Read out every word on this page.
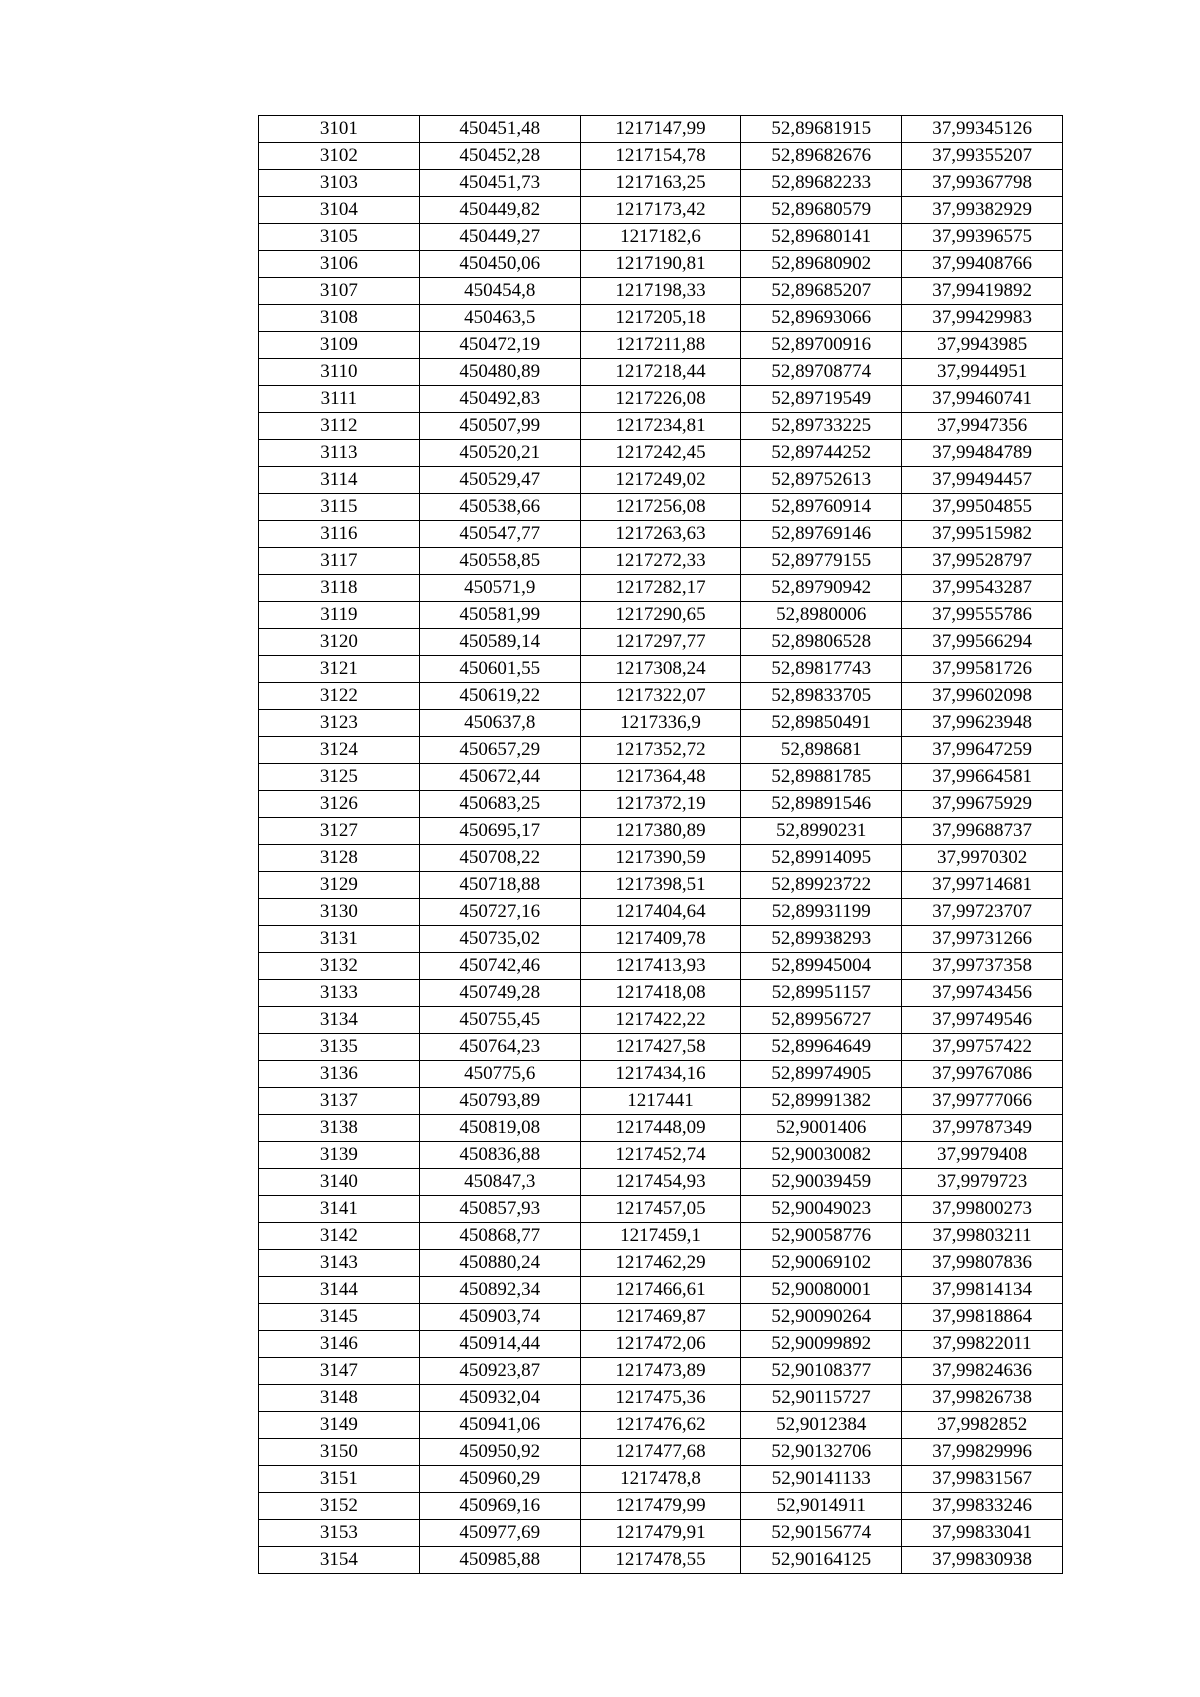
3101	450451,48	1217147,99	52,89681915	37,99345126
3102	450452,28	1217154,78	52,89682676	37,99355207
3103	450451,73	1217163,25	52,89682233	37,99367798
3104	450449,82	1217173,42	52,89680579	37,99382929
3105	450449,27	1217182,6	52,89680141	37,99396575
3106	450450,06	1217190,81	52,89680902	37,99408766
3107	450454,8	1217198,33	52,89685207	37,99419892
3108	450463,5	1217205,18	52,89693066	37,99429983
3109	450472,19	1217211,88	52,89700916	37,9943985
3110	450480,89	1217218,44	52,89708774	37,9944951
3111	450492,83	1217226,08	52,89719549	37,99460741
3112	450507,99	1217234,81	52,89733225	37,9947356
3113	450520,21	1217242,45	52,89744252	37,99484789
3114	450529,47	1217249,02	52,89752613	37,99494457
3115	450538,66	1217256,08	52,89760914	37,99504855
3116	450547,77	1217263,63	52,89769146	37,99515982
3117	450558,85	1217272,33	52,89779155	37,99528797
3118	450571,9	1217282,17	52,89790942	37,99543287
3119	450581,99	1217290,65	52,8980006	37,99555786
3120	450589,14	1217297,77	52,89806528	37,99566294
3121	450601,55	1217308,24	52,89817743	37,99581726
3122	450619,22	1217322,07	52,89833705	37,99602098
3123	450637,8	1217336,9	52,89850491	37,99623948
3124	450657,29	1217352,72	52,898681	37,99647259
3125	450672,44	1217364,48	52,89881785	37,99664581
3126	450683,25	1217372,19	52,89891546	37,99675929
3127	450695,17	1217380,89	52,8990231	37,99688737
3128	450708,22	1217390,59	52,89914095	37,9970302
3129	450718,88	1217398,51	52,89923722	37,99714681
3130	450727,16	1217404,64	52,89931199	37,99723707
3131	450735,02	1217409,78	52,89938293	37,99731266
3132	450742,46	1217413,93	52,89945004	37,99737358
3133	450749,28	1217418,08	52,89951157	37,99743456
3134	450755,45	1217422,22	52,89956727	37,99749546
3135	450764,23	1217427,58	52,89964649	37,99757422
3136	450775,6	1217434,16	52,89974905	37,99767086
3137	450793,89	1217441	52,89991382	37,99777066
3138	450819,08	1217448,09	52,9001406	37,99787349
3139	450836,88	1217452,74	52,90030082	37,9979408
3140	450847,3	1217454,93	52,90039459	37,9979723
3141	450857,93	1217457,05	52,90049023	37,99800273
3142	450868,77	1217459,1	52,90058776	37,99803211
3143	450880,24	1217462,29	52,90069102	37,99807836
3144	450892,34	1217466,61	52,90080001	37,99814134
3145	450903,74	1217469,87	52,90090264	37,99818864
3146	450914,44	1217472,06	52,90099892	37,99822011
3147	450923,87	1217473,89	52,90108377	37,99824636
3148	450932,04	1217475,36	52,90115727	37,99826738
3149	450941,06	1217476,62	52,9012384	37,9982852
3150	450950,92	1217477,68	52,90132706	37,99829996
3151	450960,29	1217478,8	52,90141133	37,99831567
3152	450969,16	1217479,99	52,9014911	37,99833246
3153	450977,69	1217479,91	52,90156774	37,99833041
3154	450985,88	1217478,55	52,90164125	37,99830938
